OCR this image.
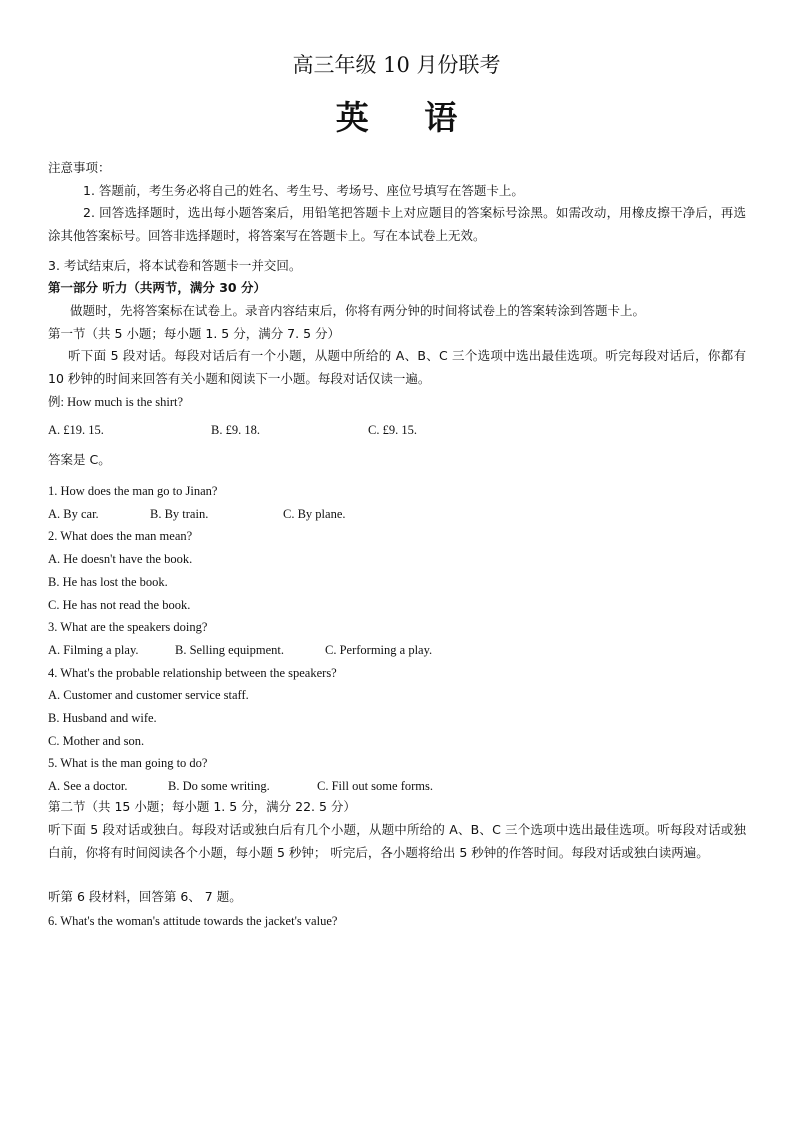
高三年级 10 月份联考
英 语
注意事项：
1. 答题前，考生务必将自己的姓名、考生号、考场号、座位号填写在答题卡上。
2. 回答选择题时，选出每小题答案后，用铅笔把答题卡上对应题目的答案标号涂黑。如需改动，用橡皮擦干净后，再选涂其他答案标号。回答非选择题时，将答案写在答题卡上。写在本试卷上无效。
3. 考试结束后，将本试卷和答题卡一并交回。
第一部分 听力（共两节，满分 30 分）
做题时，先将答案标在试卷上。录音内容结束后，你将有两分钟的时间将试卷上的答案转涂到答题卡上。
第一节（共 5 小题；每小题 1. 5 分，满分 7. 5 分）
听下面 5 段对话。每段对话后有一个小题，从题中所给的 A、B、C 三个选项中选出最佳选项。听完每段对话后，你都有 10 秒钟的时间来回答有关小题和阅读下一小题。每段对话仅读一遍。
例: How much is the shirt?
A. £19. 15.	B. £9. 18.	C. £9. 15.
答案是 C。
1. How does the man go to Jinan?
A. By car.	B. By train.	C. By plane.
2. What does the man mean?
A. He doesn't have the book.
B. He has lost the book.
C. He has not read the book.
3. What are the speakers doing?
A. Filming a play.	B. Selling equipment.	C. Performing a play.
4. What's the probable relationship between the speakers?
A. Customer and customer service staff.
B. Husband and wife.
C. Mother and son.
5. What is the man going to do?
A. See a doctor.	B. Do some writing.	C. Fill out some forms.
第二节（共 15 小题；每小题 1. 5 分，满分 22. 5 分）
听下面 5 段对话或独白。每段对话或独白后有几个小题，从题中所给的 A、B、C 三个选项中选出最佳选项。听每段对话或独白前，你将有时间阅读各个小题，每小题 5 秒钟； 听完后，各小题将给出 5 秒钟的作答时间。每段对话或独白读两遍。
听第 6 段材料，回答第 6、 7 题。
6. What's the woman's attitude towards the jacket's value?
